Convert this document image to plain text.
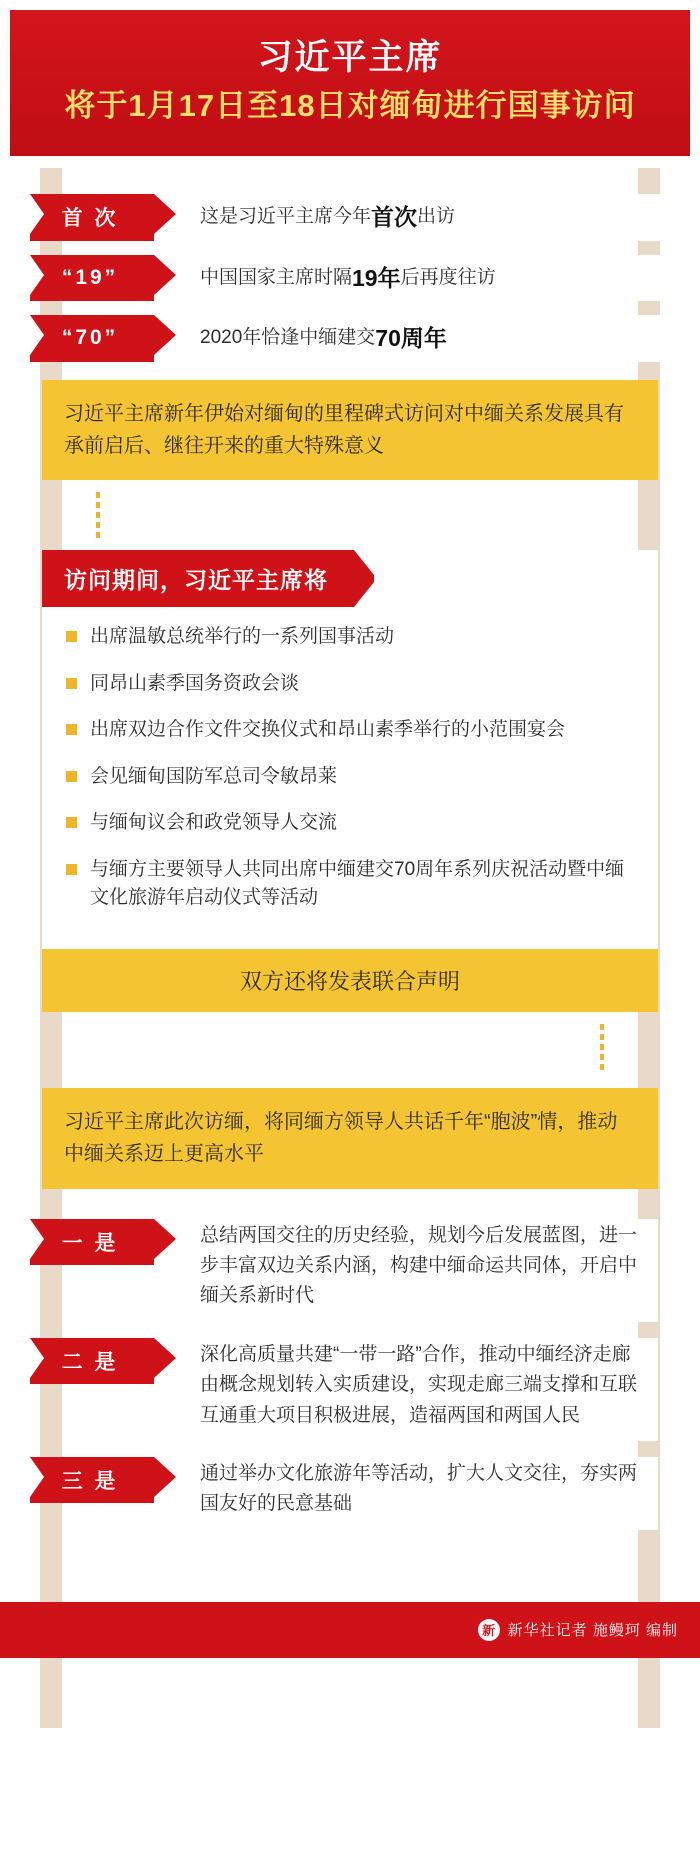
习近平主席
将于1月17日至18日对缅甸进行国事访问
首 次	这是习近平主席今年 首次 出访
“19”	中国国家主席时隔 19年 后再度往访
“70”	2020年恰逢中缅建交 70周年
习近平主席新年伊始对缅甸的里程碑式访问对中缅关系发展具有承前启后、继往开来的重大特殊意义
访问期间，习近平主席将
出席温敏总统举行的一系列国事活动
同昂山素季国务资政会谈
出席双边合作文件交换仪式和昂山素季举行的小范围宴会
会见缅甸国防军总司令敏昂莱
与缅甸议会和政党领导人交流
与缅方主要领导人共同出席中缅建交70周年系列庆祝活动暨中缅文化旅游年启动仪式等活动
双方还将发表联合声明
习近平主席此次访缅，将同缅方领导人共话千年“胞波”情，推动中缅关系迈上更高水平
一 是	总结两国交往的历史经验，规划今后发展蓝图，进一步丰富双边关系内涵，构建中缅命运共同体，开启中缅关系新时代
二 是	深化高质量共建“一带一路”合作，推动中缅经济走廊由概念规划转入实质建设，实现走廊三端支撑和互联互通重大项目积极进展，造福两国和两国人民
三 是	通过举办文化旅游年等活动，扩大人文交往，夯实两国友好的民意基础
新 新华社记者 施鳗珂 编制
